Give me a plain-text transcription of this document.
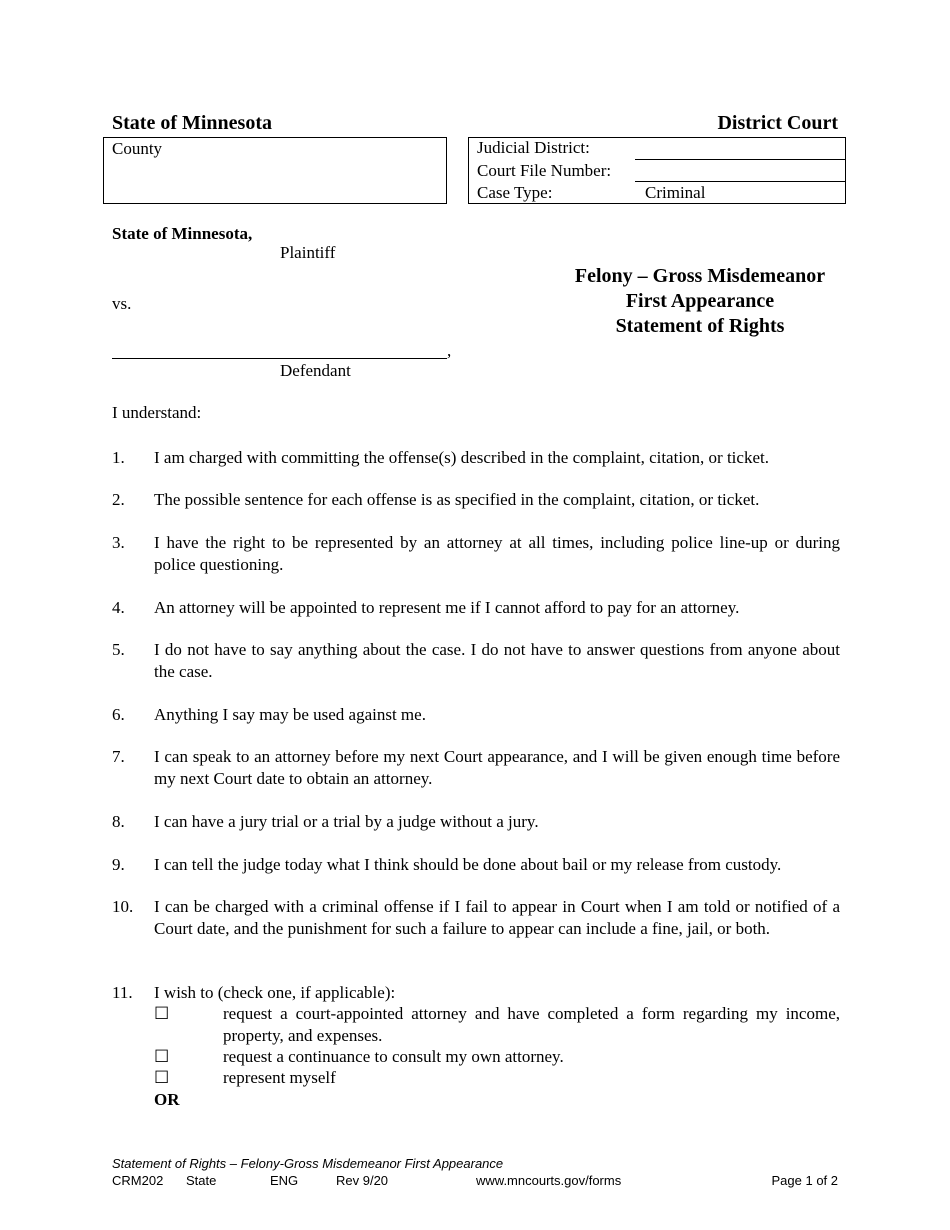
State of Minnesota	District Court
County	Judicial District:
Court File Number:
Case Type:	Criminal
State of Minnesota,
Plaintiff
vs.
,
Defendant
Felony – Gross Misdemeanor
First Appearance
Statement of Rights
I understand:
1. I am charged with committing the offense(s) described in the complaint, citation, or ticket.
2. The possible sentence for each offense is as specified in the complaint, citation, or ticket.
3. I have the right to be represented by an attorney at all times, including police line-up or during police questioning.
4. An attorney will be appointed to represent me if I cannot afford to pay for an attorney.
5. I do not have to say anything about the case. I do not have to answer questions from anyone about the case.
6. Anything I say may be used against me.
7. I can speak to an attorney before my next Court appearance, and I will be given enough time before my next Court date to obtain an attorney.
8. I can have a jury trial or a trial by a judge without a jury.
9. I can tell the judge today what I think should be done about bail or my release from custody.
10. I can be charged with a criminal offense if I fail to appear in Court when I am told or notified of a Court date, and the punishment for such a failure to appear can include a fine, jail, or both.
11. I wish to (check one, if applicable):
☐	request a court-appointed attorney and have completed a form regarding my income, property, and expenses.
☐	request a continuance to consult my own attorney.
☐	represent myself
OR
Statement of Rights – Felony-Gross Misdemeanor First Appearance
CRM202 State	ENG	Rev 9/20	www.mncourts.gov/forms	Page 1 of 2
